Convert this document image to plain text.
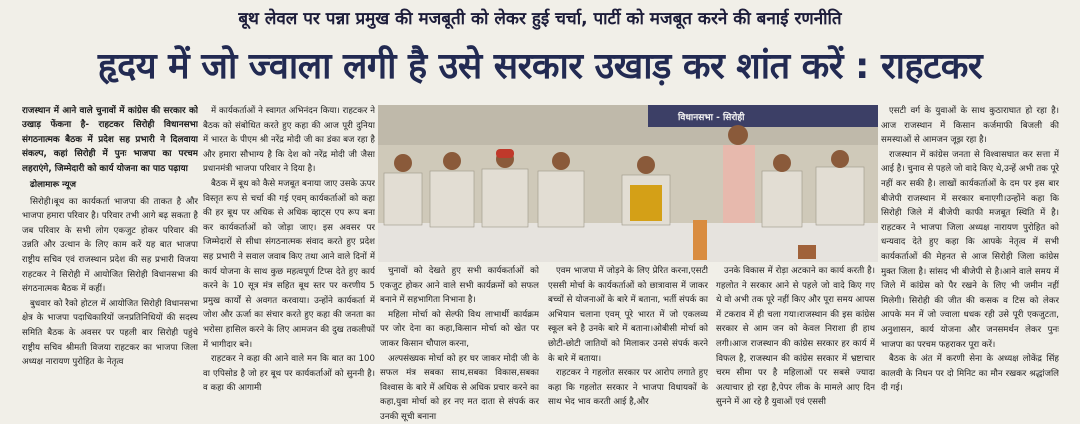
बूथ लेवल पर पन्ना प्रमुख की मजबूती को लेकर हुई चर्चा, पार्टी को मजबूत करने की बनाई रणनीति
हृदय में जो ज्वाला लगी है उसे सरकार उखाड़ कर शांत करें : राहटकर
राजस्थान में आने वाले चुनावों में कांग्रेस की सरकार को उखाड़ फेंकना है- राहटकर सिरोही विधानसभा संगठनात्मक बैठक में प्रदेश सह प्रभारी ने दिलवाया संकल्प, कहां सिरोही में पुनः भाजपा का परचम लहराएंगे, जिम्मेदारी को कार्य योजना का पाठ पढ़ाया
ढोलामारू न्यूज

सिरोही।बूथ का कार्यकर्ता भाजपा की ताकत है और भाजपा हमारा परिवार है। परिवार तभी आगे बढ़ सकता है जब परिवार के सभी लोग एकजुट होकर परिवार की उन्नति और उत्थान के लिए काम करें यह बात भाजपा राष्ट्रीय सचिव एवं राजस्थान प्रदेश की सह प्रभारी विजया राहटकर ने सिरोही में आयोजित सिरोही विधानसभा की संगठनात्मक बैठक में कहीं।

बुधवार को रैको होटल में आयोजित सिरोही विधानसभा क्षेत्र के भाजपा पदाधिकारियों जनप्रतिनिधियों की सदस्य समिति बैठक के अवसर पर पहली बार सिरोही पहुंचे राष्ट्रीय सचिव श्रीमती विजया राहटकर का भाजपा जिला अध्यक्ष नारायण पुरोहित के नेतृत्व

में कार्यकर्ताओं ने स्वागत अभिनंदन किया। राहटकर ने बैठक को संबोधित करते हुए कहा की आज पूरी दुनिया में भारत के पीएम श्री नरेंद्र मोदी जी का डंका बज रहा है और हमारा सौभाग्य है कि देश को नरेंद्र मोदी जी जैसा प्रधानमंत्री भाजपा परिवार ने दिया है।

बैठक में बूथ को कैसे मजबूत बनाया जाए उसके ऊपर विस्तृत रूप से चर्चा की गई एवम् कार्यकर्ताओं को कहा की हर बूथ पर अधिक से अधिक व्हाट्स एप रूप बना कर कार्यकर्ताओं को जोड़ा जाए। इस अवसर पर जिम्मेदारों से सीधा संगठनात्मक संवाद करते हुए प्रदेश सह प्रभारी ने सवाल जवाब किए तथा आने वाले दिनों में कार्य योजना के साथ कुछ महत्वपूर्ण टिप्स देते हुए कार्य करने के 10 सूत्र मंत्र सहित बूथ स्तर पर करणीय 5 प्रमुख कार्यों से अवगत करवाया। उन्होंने कार्यकर्ता में जोश और ऊर्जा का संचार करते हुए कहा की जनता का भरोसा हासिल करने के लिए आमजन की दुख तकलीफों में भागीदार बने।

राहटकर ने कहा की आने वाले मन कि बात का 100 वा एपिसोड है जो हर बूथ पर कार्यकर्ताओं को सुननी है। व कहा की आगामी

विधानसभा - सिरोही

चुनावों को देखते हुए सभी कार्यकर्ताओं को एकजुट होकर आने वाले सभी कार्यक्रमों को सफल बनाने में सहभागिता निभाना है।

महिला मोर्चा को सेल्फी विथ लाभार्थी कार्यक्रम पर जोर देना का कहा,किसान मोर्चा को खेत पर जाकर किसान चौपाल करना,

अल्पसंख्यक मोर्चा को हर घर जाकर मोदी जी के सफल मंत्र सबका साथ,सबका विकास,सबका विश्वास के बारे में अधिक से अधिक प्रचार करने का कहा,युवा मोर्चा को हर नए मत दाता से संपर्क कर उनकी सूची बनाना

एवम भाजपा में जोड़ने के लिए प्रेरित करना,एसटी एससी मोर्चा के कार्यकर्ताओं को छात्रावास में जाकर बच्चों से योजनाओं के बारे में बताना, भर्ती संपर्क का अभियान चलाना एवम् पूरे भारत में जो एकलव्य स्कूल बने है उनके बारे में बताना।ओबीसी मोर्चा को छोटी-छोटी जातियों को मिलाकर उनसे संपर्क करने के बारे में बताया।

राहटकर ने गहलोत सरकार पर आरोप लगाते हुए कहा कि गहलोत सरकार ने भाजपा विधायकों के साथ भेद भाव करती आई है,और

उनके विकास में रोड़ा अटकाने का कार्य करती है।गहलोत ने सरकार आने से पहले जो वादे किए गए थे वो अभी तक पूरे नहीं किए और पूरा समय आपस में टकराव में ही चला गया।राजस्थान की इस कांग्रेस सरकार से आम जन को केवल निराशा ही हाथ लगी।आज राजस्थान की कांग्रेस सरकार हर कार्य में विफल है, राजस्थान की कांग्रेस सरकार में भ्रष्टाचार चरम सीमा पर है महिलाओं पर सबसे ज्यादा अत्याचार हो रहा है,पेपर लीक के मामले आए दिन सुनने में आ रहे है युवाओं एवं एससी

एसटी वर्ग के युवाओं के साथ कुठाराघात हो रहा है। आज राजस्थान में किसान कर्जमाफी बिजली की समस्याओं से आमजन जूझ रहा है।

राजस्थान में कांग्रेस जनता से विश्वासघात कर सत्ता में आई है। चुनाव से पहले जो वादे किए थे,उन्हें अभी तक पूरे नहीं कर सकी है। लाखों कार्यकर्ताओं के दम पर इस बार बीजेपी राजस्थान में सरकार बनाएगी।उन्होंने कहा कि सिरोही जिले में बीजेपी काफी मजबूत स्थिति में है। राहटकर ने भाजपा जिला अध्यक्ष नारायण पुरोहित को धन्यवाद देते हुए कहा कि आपके नेतृत्व में सभी कार्यकर्ताओं की मेहनत से आज सिरोही जिला कांग्रेस मुक्त जिला है। सांसद भी बीजेपी से है।आने वाले समय में जिले में कांग्रेस को पैर रखने के लिए भी जमीन नहीं मिलेगी। सिरोही की जीत की कसक व टिस को लेकर आपके मन में जो ज्वाला धधक रही उसे पूरी एकजुटता, अनुशासन, कार्य योजना और जनसमर्थन लेकर पुनः भाजपा का परचम फहराकर पूरा करें।

बैठक के अंत में करणी सेना के अध्यक्ष लोकेंद्र सिंह कालवी के निधन पर दो मिनिट का मौन रखकर श्रद्धांजलि दी गई।
